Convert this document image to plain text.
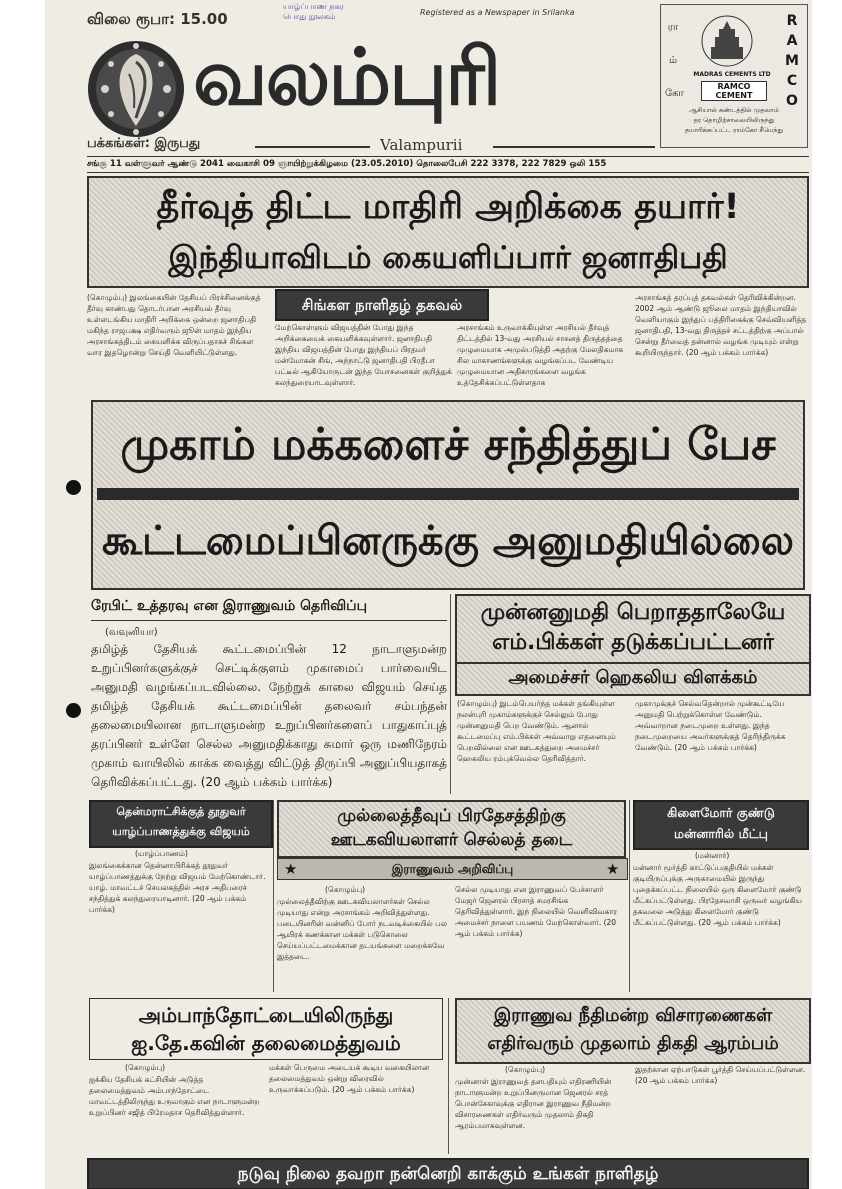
விலை ரூபா: 15.00
யாழ்ப்பாண நகர
பொது நூலகம்	Registered as a Newspaper in Srilanka
வலம்புரி
Valampurii
பக்கங்கள்: இருபது
ரா
ம்
கோ
MADRAS CEMENTS LTD
RAMCO CEMENT
RAMCO
ஆசியால் கண்டத்தில் முதலாம்
தர தொழிற்சாலையிலிருந்து
தயாரிக்கப்பட்ட ராம்கோ சீமெந்து
சங்கு 11 வள்ளுவர் ஆண்டு 2041 வைகாசி 09 ஞாயிற்றுக்கிழமை (23.05.2010) தொலைபேசி 222 3378, 222 7829 ஒலி 155
தீர்வுத் திட்ட மாதிரி அறிக்கை தயார்!
இந்தியாவிடம் கையளிப்பார் ஜனாதிபதி
சிங்கள நாளிதழ் தகவல்
(கொழும்பு) இலங்கையின் தேசியப் பிரச்சினைக்குத் தீர்வு காண்பது தொடர்பான அரசியல் தீர்வு உள்ளடங்கிய மாதிரி அறிக்கை ஒன்றை ஜனாதிபதி மகிந்த ராஜபக்ஷ எதிர்வரும் ஜூன் மாதம் இந்திய அரசாங்கத்திடம் கையளிக்க விருப்பதாகச் சிங்கள வார இதழொன்று செய்தி வெளியிட்டுள்ளது.
மேற்கொள்ளும் விஜயத்தின் போது இந்த அறிக்கையைக் கையளிக்கவுள்ளார். ஜனாதிபதி இந்திய விஜயத்தின் போது இந்தியப் பிரதமர் மன்மோகன் சிங், அந்நாட்டு ஜனாதிபதி பிரதீபா பட்டீல் ஆகியோருடன் இந்த யோசனைகள் குறித்துக் கலந்துரையாடவுள்ளார்.
அரசாங்கம் உருவாக்கியுள்ள அரசியல் தீர்வுத் திட்டத்தில் 13-வது அரசியல் சாசனத் திருத்தத்தை முழுமையாக அமுல்படுத்தி அதற்கு மேலதிகமாக சில மாகாணங்களுக்கு வழங்கப்பட வேண்டிய முழுமையான அதிகாரங்களை வழங்க உத்தேசிக்கப்பட்டுள்ளதாக
அரசாங்கத் தரப்புத் தகவல்கள் தெரிவிக்கின்றன. 2002 ஆம் ஆண்டு ஜூலை மாதம் இந்தியாவில் வெளியாகும் இந்துப் பத்திரிகைக்கு செவ்வியளித்த ஜனாதிபதி, 13-வது திருத்தச் சட்டத்திற்கு அப்பால் சென்று தீர்வைத் தன்னால் வழங்க முடியும் என்று கூறியிருந்தார். (20 ஆம் பக்கம் பார்க்க)
முகாம் மக்களைச் சந்தித்துப் பேச
கூட்டமைப்பினருக்கு அனுமதியில்லை
ரேபிட் உத்தரவு என இராணுவம் தெரிவிப்பு
(வவுனியா)
தமிழ்த் தேசியக் கூட்டமைப்பின் 12 நாடாளுமன்ற உறுப்பினர்களுக்குச் செட்டிக்குளம் முகாமைப் பார்வையிட அனுமதி வழங்கப்படவில்லை. நேற்றுக் காலை விஜயம் செய்த தமிழ்த் தேசியக் கூட்டமைப்பின் தலைவர் சம்பந்தன் தலைமையிலான நாடாளுமன்ற உறுப்பினர்களைப் பாதுகாப்புத் தரப்பினர் உள்ளே செல்ல அனுமதிக்காது சுமார் ஒரு மணிநேரம் முகாம் வாயிலில் காக்க வைத்து விட்டுத் திருப்பி அனுப்பியதாகத் தெரிவிக்கப்பட்டது. (20 ஆம் பக்கம் பார்க்க)
முன்னனுமதி பெறாததாலேயே
எம்.பிக்கள் தடுக்கப்பட்டனர்
அமைச்சர் ஹெகலிய விளக்கம்
(கொழும்பு) இடம்பெயர்ந்த மக்கள் தங்கியுள்ள நலன்புரி முகாம்களுக்குச் செல்லும் போது முன்னனுமதி பெற வேண்டும். ஆனால் கூட்டமைப்பு எம்.பிக்கள் அவ்வாறு எதனையும் பெறவில்லை என ஊடகத்துறை அமைச்சர் ஹெகலிய ரம்புக்வெல்ல தெரிவித்தார்.
முகாமுக்குச் செல்வதென்றால் முன்கூட்டியே அனுமதி பெற்றுக்கொள்ள வேண்டும். அவ்வாறான நடைமுறை உள்ளது. இந்த நடைமுறையை அவர்களுக்குத் தெரிந்திருக்க வேண்டும். (20 ஆம் பக்கம் பார்க்க)
தென்மராட்சிக்குத் தூதுவர்
யாழ்ப்பாணத்துக்கு விஜயம்
(யாழ்ப்பாணம்)
இலங்கைக்கான தென்னாபிரிக்கத் தூதுவர் யாழ்ப்பாணத்துக்கு நேற்று விஜயம் மேற்கொண்டார். யாழ். மாவட்டச் செயலகத்தில் அரச அதிபரைச் சந்தித்துக் கலந்துரையாடினார். (20 ஆம் பக்கம் பார்க்க)
முல்லைத்தீவுப் பிரதேசத்திற்கு
ஊடகவியலாளர் செல்லத் தடை
★	இராணுவம் அறிவிப்பு	★
(கொழும்பு)
முல்லைத்தீவிற்கு ஊடகவியலாளர்கள் செல்ல முடியாது என்று அரசாங்கம் அறிவித்துள்ளது. படையினரின் வன்னிப் போர் நடவடிக்கையில் பல ஆயிரக் கணக்கான மக்கள் படுகொலை செய்யப்பட்டமைக்கான தடயங்களை மறைக்கவே இத்தடை.
செல்ல முடியாது என இராணுவப் பேச்சாளர் மேஜர் ஜெனரல் பிரசாத் சமரசிங்க தெரிவித்துள்ளார். இந் நிலையில் வெளிவிவகார அமைச்சர் நாளை பயணம் மேற்கொள்வார். (20 ஆம் பக்கம் பார்க்க)
கிளைமோர் குண்டு
மன்னாரில் மீட்பு
(மன்னார்)
மன்னார் மூர்த்தி காட்டுப்பகுதியில் மக்கள் குடியிருப்புக்கு அருகாமையில் இருந்து புதைக்கப்பட்ட நிலையில் ஒரு கிளைமோர் குண்டு மீட்கப்பட்டுள்ளது. பிரதேசவாசி ஒருவர் வழங்கிய தகவலை அடுத்து கிளைமோர் குண்டு மீட்கப்பட்டுள்ளது. (20 ஆம் பக்கம் பார்க்க)
அம்பாந்தோட்டையிலிருந்து
ஐ.தே.கவின் தலைமைத்துவம்
(கொழும்பு)
ஐக்கிய தேசியக் கட்சியின் அடுத்த தலைமைத்துவம் அம்பாந்தோட்டை மாவட்டத்திலிருந்து உருவாகும் என நாடாளுமன்ற உறுப்பினர் சஜித் பிரேமதாச தெரிவித்துள்ளார்.
மக்கள் பெருமை அடையக் கூடிய வகையிலான தலைமைத்துவம் ஒன்று விரைவில் உருவாக்கப்படும். (20 ஆம் பக்கம் பார்க்க)
இராணுவ நீதிமன்ற விசாரணைகள்
எதிர்வரும் முதலாம் திகதி ஆரம்பம்
(கொழும்பு)
முன்னாள் இராணுவத் தளபதியும் எதிரணியின் நாடாளுமன்ற உறுப்பினருமான ஜெனரல் சரத் பொன்சேகாவுக்கு எதிரான இராணுவ நீதிமன்ற விசாரணைகள் எதிர்வரும் முதலாம் திகதி ஆரம்பமாகவுள்ளன.
இதற்கான ஏற்பாடுகள் பூர்த்தி செய்யப்பட்டுள்ளன. (20 ஆம் பக்கம் பார்க்க)
நடுவு நிலை தவறா நன்னெறி காக்கும் உங்கள் நாளிதழ்
